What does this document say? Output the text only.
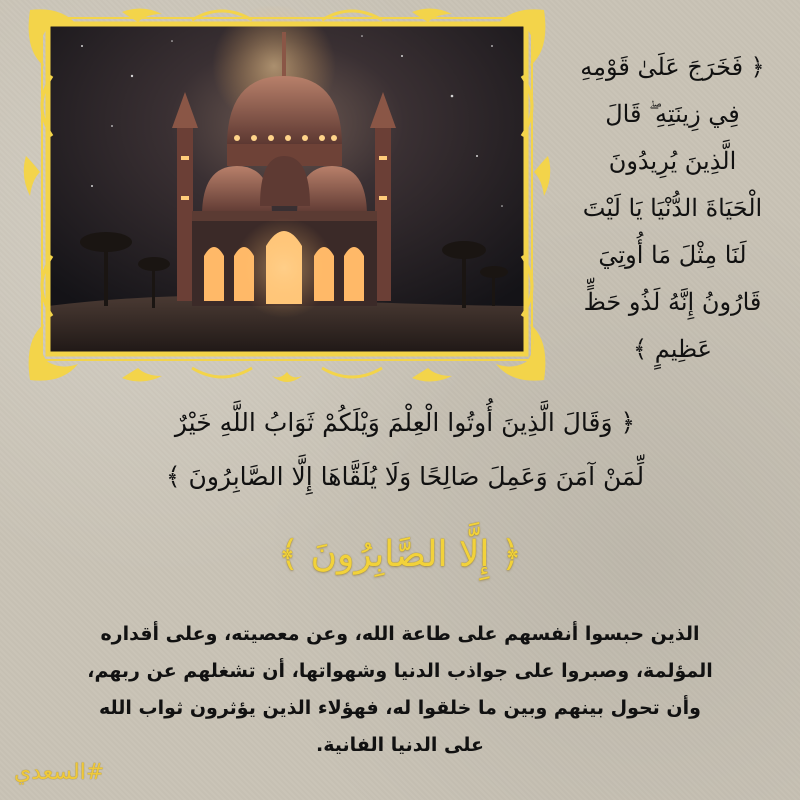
﴿ فَخَرَجَ عَلَىٰ قَوْمِهِ
فِي زِينَتِهِ ۖ قَالَ
الَّذِينَ يُرِيدُونَ
الْحَيَاةَ الدُّنْيَا يَا لَيْتَ
لَنَا مِثْلَ مَا أُوتِيَ
قَارُونُ إِنَّهُ لَذُو حَظٍّ
عَظِيمٍ ﴾
﴿ وَقَالَ الَّذِينَ أُوتُوا الْعِلْمَ وَيْلَكُمْ ثَوَابُ اللَّهِ خَيْرٌ
لِّمَنْ آمَنَ وَعَمِلَ صَالِحًا وَلَا يُلَقَّاهَا إِلَّا الصَّابِرُونَ ﴾
﴿ إِلَّا الصَّابِرُونَ ﴾
الذين حبسوا أنفسهم على طاعة الله، وعن معصيته، وعلى أقداره
المؤلمة، وصبروا على جواذب الدنيا وشهواتها، أن تشغلهم عن ربهم،
وأن تحول بينهم وبين ما خلقوا له، فهؤلاء الذين يؤثرون ثواب الله
على الدنيا الفانية.
#السعدي
